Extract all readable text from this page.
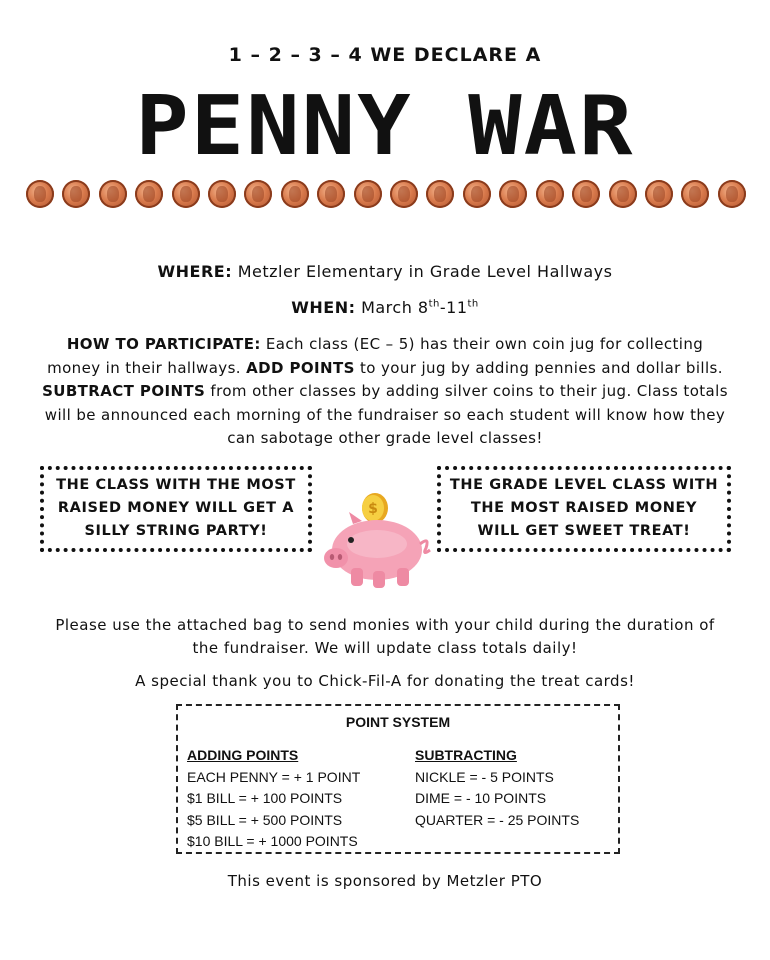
1 – 2 – 3 – 4 WE DECLARE A
PENNY WAR
WHERE: Metzler Elementary in Grade Level Hallways
WHEN: March 8th-11th
HOW TO PARTICIPATE: Each class (EC – 5) has their own coin jug for collecting money in their hallways. ADD POINTS to your jug by adding pennies and dollar bills. SUBTRACT POINTS from other classes by adding silver coins to their jug. Class totals will be announced each morning of the fundraiser so each student will know how they can sabotage other grade level classes!
THE CLASS WITH THE MOST RAISED MONEY WILL GET A SILLY STRING PARTY!
THE GRADE LEVEL CLASS WITH THE MOST RAISED MONEY WILL GET SWEET TREAT!
$
Please use the attached bag to send monies with your child during the duration of the fundraiser. We will update class totals daily!
A special thank you to Chick-Fil-A for donating the treat cards!
POINT SYSTEM
ADDING POINTS
EACH PENNY = + 1 POINT
$1 BILL = + 100 POINTS
$5 BILL = + 500 POINTS
$10 BILL = + 1000 POINTS
SUBTRACTING
NICKLE = - 5 POINTS
DIME = - 10 POINTS
QUARTER = - 25 POINTS
This event is sponsored by Metzler PTO
